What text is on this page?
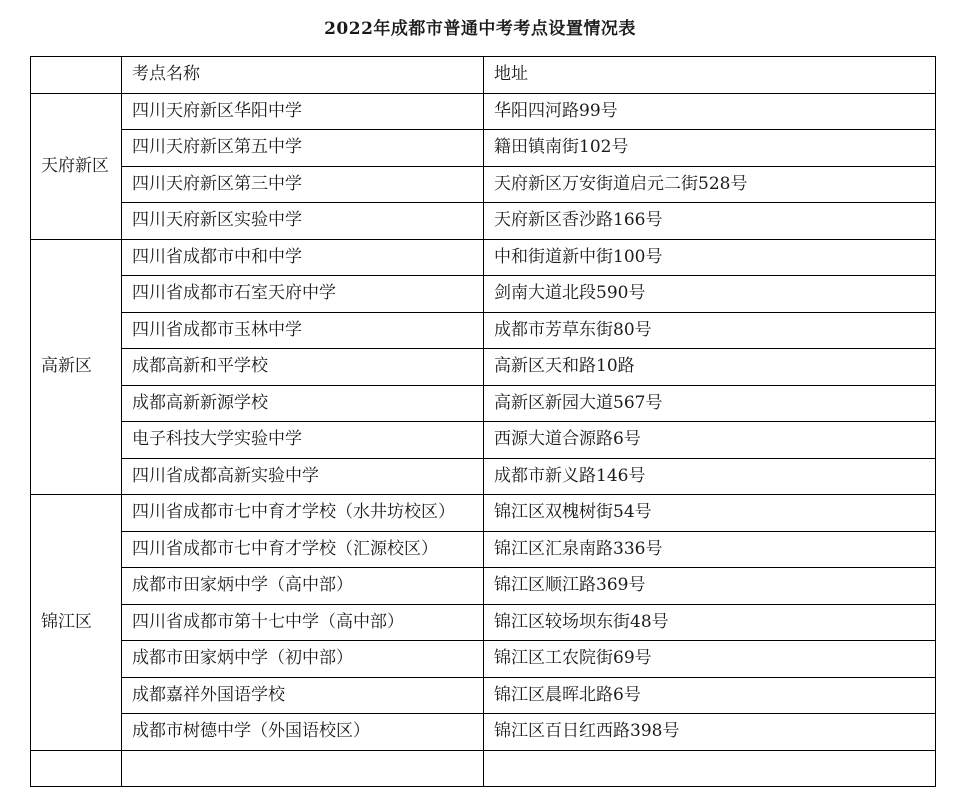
2022年成都市普通中考考点设置情况表
	考点名称	地址
天府新区	四川天府新区华阳中学	华阳四河路99号
	四川天府新区第五中学	籍田镇南街102号
	四川天府新区第三中学	天府新区万安街道启元二街528号
	四川天府新区实验中学	天府新区香沙路166号
高新区	四川省成都市中和中学	中和街道新中街100号
	四川省成都市石室天府中学	剑南大道北段590号
	四川省成都市玉林中学	成都市芳草东街80号
	成都高新和平学校	高新区天和路10路
	成都高新新源学校	高新区新园大道567号
	电子科技大学实验中学	西源大道合源路6号
	四川省成都高新实验中学	成都市新义路146号
锦江区	四川省成都市七中育才学校（水井坊校区）	锦江区双槐树街54号
	四川省成都市七中育才学校（汇源校区）	锦江区汇泉南路336号
	成都市田家炳中学（高中部）	锦江区顺江路369号
	四川省成都市第十七中学（高中部）	锦江区较场坝东街48号
	成都市田家炳中学（初中部）	锦江区工农院街69号
	成都嘉祥外国语学校	锦江区晨晖北路6号
	成都市树德中学（外国语校区）	锦江区百日红西路398号
